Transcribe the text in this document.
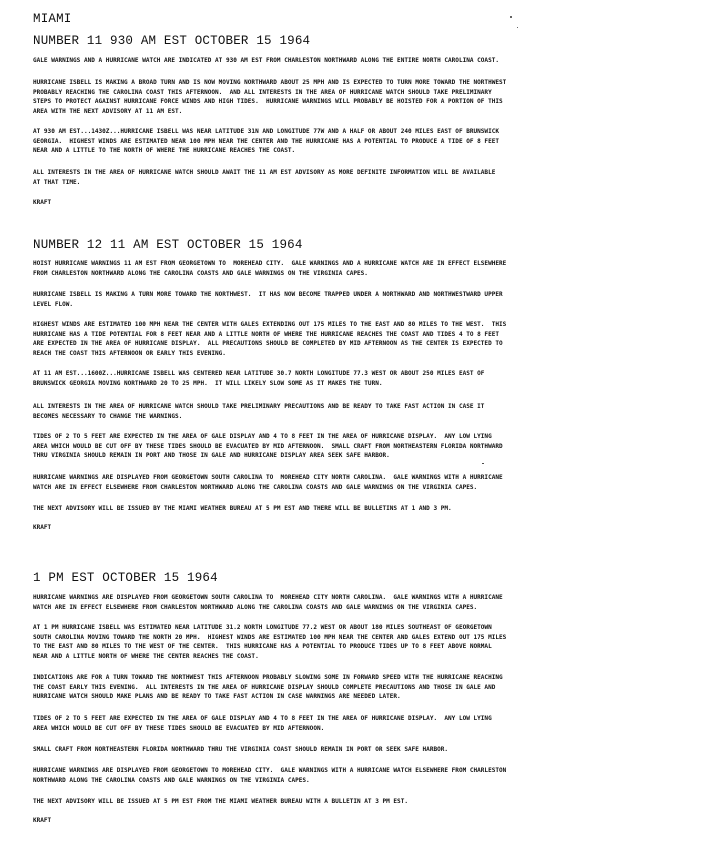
MIAMI
NUMBER 11 930 AM EST OCTOBER 15 1964
GALE WARNINGS AND A HURRICANE WATCH ARE INDICATED AT 930 AM EST FROM CHARLESTON NORTHWARD ALONG THE ENTIRE NORTH CAROLINA COAST.
HURRICANE ISBELL IS MAKING A BROAD TURN AND IS NOW MOVING NORTHWARD ABOUT 25 MPH AND IS EXPECTED TO TURN MORE TOWARD THE NORTHWEST
PROBABLY REACHING THE CAROLINA COAST THIS AFTERNOON.  AND ALL INTERESTS IN THE AREA OF HURRICANE WATCH SHOULD TAKE PRELIMINARY
STEPS TO PROTECT AGAINST HURRICANE FORCE WINDS AND HIGH TIDES.  HURRICANE WARNINGS WILL PROBABLY BE HOISTED FOR A PORTION OF THIS
AREA WITH THE NEXT ADVISORY AT 11 AM EST.
AT 930 AM EST...1430Z...HURRICANE ISBELL WAS NEAR LATITUDE 31N AND LONGITUDE 77W AND A HALF OR ABOUT 240 MILES EAST OF BRUNSWICK
GEORGIA.  HIGHEST WINDS ARE ESTIMATED NEAR 100 MPH NEAR THE CENTER AND THE HURRICANE HAS A POTENTIAL TO PRODUCE A TIDE OF 8 FEET
NEAR AND A LITTLE TO THE NORTH OF WHERE THE HURRICANE REACHES THE COAST.
ALL INTERESTS IN THE AREA OF HURRICANE WATCH SHOULD AWAIT THE 11 AM EST ADVISORY AS MORE DEFINITE INFORMATION WILL BE AVAILABLE
AT THAT TIME.
KRAFT
NUMBER 12 11 AM EST OCTOBER 15 1964
HOIST HURRICANE WARNINGS 11 AM EST FROM GEORGETOWN TO  MOREHEAD CITY.  GALE WARNINGS AND A HURRICANE WATCH ARE IN EFFECT ELSEWHERE
FROM CHARLESTON NORTHWARD ALONG THE CAROLINA COASTS AND GALE WARNINGS ON THE VIRGINIA CAPES.
HURRICANE ISBELL IS MAKING A TURN MORE TOWARD THE NORTHWEST.  IT HAS NOW BECOME TRAPPED UNDER A NORTHWARD AND NORTHWESTWARD UPPER
LEVEL FLOW.
HIGHEST WINDS ARE ESTIMATED 100 MPH NEAR THE CENTER WITH GALES EXTENDING OUT 175 MILES TO THE EAST AND 80 MILES TO THE WEST.  THIS
HURRICANE HAS A TIDE POTENTIAL FOR 8 FEET NEAR AND A LITTLE NORTH OF WHERE THE HURRICANE REACHES THE COAST AND TIDES 4 TO 8 FEET
ARE EXPECTED IN THE AREA OF HURRICANE DISPLAY.  ALL PRECAUTIONS SHOULD BE COMPLETED BY MID AFTERNOON AS THE CENTER IS EXPECTED TO
REACH THE COAST THIS AFTERNOON OR EARLY THIS EVENING.
AT 11 AM EST...1600Z...HURRICANE ISBELL WAS CENTERED NEAR LATITUDE 30.7 NORTH LONGITUDE 77.3 WEST OR ABOUT 250 MILES EAST OF
BRUNSWICK GEORGIA MOVING NORTHWARD 20 TO 25 MPH.  IT WILL LIKELY SLOW SOME AS IT MAKES THE TURN.
ALL INTERESTS IN THE AREA OF HURRICANE WATCH SHOULD TAKE PRELIMINARY PRECAUTIONS AND BE READY TO TAKE FAST ACTION IN CASE IT
BECOMES NECESSARY TO CHANGE THE WARNINGS.
TIDES OF 2 TO 5 FEET ARE EXPECTED IN THE AREA OF GALE DISPLAY AND 4 TO 8 FEET IN THE AREA OF HURRICANE DISPLAY.  ANY LOW LYING
AREA WHICH WOULD BE CUT OFF BY THESE TIDES SHOULD BE EVACUATED BY MID AFTERNOON.  SMALL CRAFT FROM NORTHEASTERN FLORIDA NORTHWARD
THRU VIRGINIA SHOULD REMAIN IN PORT AND THOSE IN GALE AND HURRICANE DISPLAY AREA SEEK SAFE HARBOR.
HURRICANE WARNINGS ARE DISPLAYED FROM GEORGETOWN SOUTH CAROLINA TO  MOREHEAD CITY NORTH CAROLINA.  GALE WARNINGS WITH A HURRICANE
WATCH ARE IN EFFECT ELSEWHERE FROM CHARLESTON NORTHWARD ALONG THE CAROLINA COASTS AND GALE WARNINGS ON THE VIRGINIA CAPES.
THE NEXT ADVISORY WILL BE ISSUED BY THE MIAMI WEATHER BUREAU AT 5 PM EST AND THERE WILL BE BULLETINS AT 1 AND 3 PM.
KRAFT
1 PM EST OCTOBER 15 1964
HURRICANE WARNINGS ARE DISPLAYED FROM GEORGETOWN SOUTH CAROLINA TO  MOREHEAD CITY NORTH CAROLINA.  GALE WARNINGS WITH A HURRICANE
WATCH ARE IN EFFECT ELSEWHERE FROM CHARLESTON NORTHWARD ALONG THE CAROLINA COASTS AND GALE WARNINGS ON THE VIRGINIA CAPES.
AT 1 PM HURRICANE ISBELL WAS ESTIMATED NEAR LATITUDE 31.2 NORTH LONGITUDE 77.2 WEST OR ABOUT 180 MILES SOUTHEAST OF GEORGETOWN
SOUTH CAROLINA MOVING TOWARD THE NORTH 20 MPH.  HIGHEST WINDS ARE ESTIMATED 100 MPH NEAR THE CENTER AND GALES EXTEND OUT 175 MILES
TO THE EAST AND 80 MILES TO THE WEST OF THE CENTER.  THIS HURRICANE HAS A POTENTIAL TO PRODUCE TIDES UP TO 8 FEET ABOVE NORMAL
NEAR AND A LITTLE NORTH OF WHERE THE CENTER REACHES THE COAST.
INDICATIONS ARE FOR A TURN TOWARD THE NORTHWEST THIS AFTERNOON PROBABLY SLOWING SOME IN FORWARD SPEED WITH THE HURRICANE REACHING
THE COAST EARLY THIS EVENING.  ALL INTERESTS IN THE AREA OF HURRICANE DISPLAY SHOULD COMPLETE PRECAUTIONS AND THOSE IN GALE AND
HURRICANE WATCH SHOULD MAKE PLANS AND BE READY TO TAKE FAST ACTION IN CASE WARNINGS ARE NEEDED LATER.
TIDES OF 2 TO 5 FEET ARE EXPECTED IN THE AREA OF GALE DISPLAY AND 4 TO 8 FEET IN THE AREA OF HURRICANE DISPLAY.  ANY LOW LYING
AREA WHICH WOULD BE CUT OFF BY THESE TIDES SHOULD BE EVACUATED BY MID AFTERNOON.
SMALL CRAFT FROM NORTHEASTERN FLORIDA NORTHWARD THRU THE VIRGINIA COAST SHOULD REMAIN IN PORT OR SEEK SAFE HARBOR.
HURRICANE WARNINGS ARE DISPLAYED FROM GEORGETOWN TO MOREHEAD CITY.  GALE WARNINGS WITH A HURRICANE WATCH ELSEWHERE FROM CHARLESTON
NORTHWARD ALONG THE CAROLINA COASTS AND GALE WARNINGS ON THE VIRGINIA CAPES.
THE NEXT ADVISORY WILL BE ISSUED AT 5 PM EST FROM THE MIAMI WEATHER BUREAU WITH A BULLETIN AT 3 PM EST.
KRAFT
